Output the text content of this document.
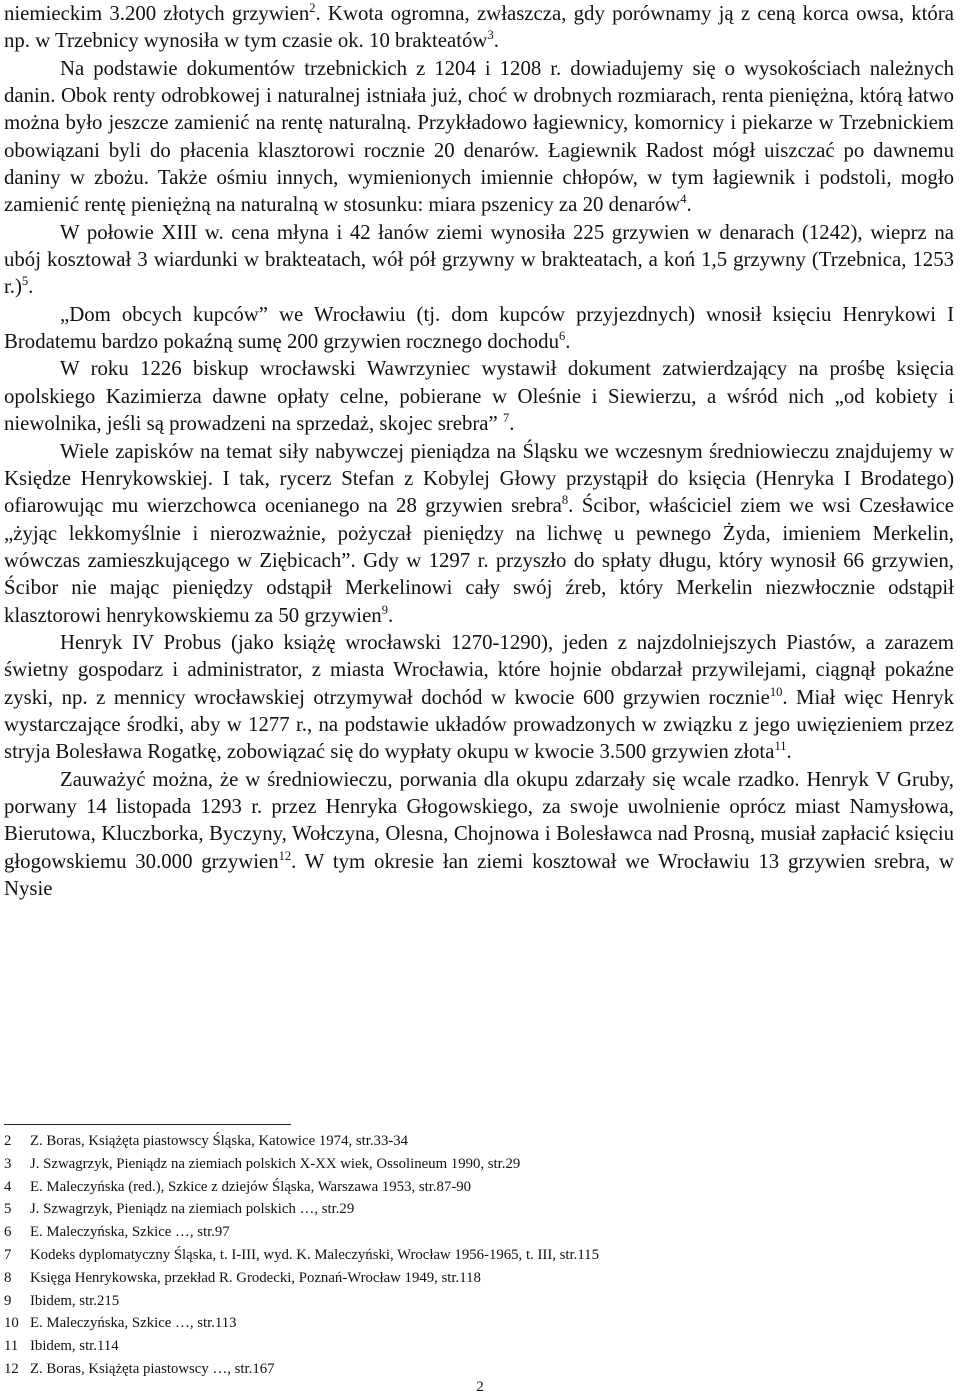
niemieckim 3.200 złotych grzywien$^2$. Kwota ogromna, zwłaszcza, gdy porównamy ją z ceną korca owsa, która np. w Trzebnicy wynosiła w tym czasie ok. 10 brakteatów$^3$.

Na podstawie dokumentów trzebnickich z 1204 i 1208 r. dowiadujemy się o wysokościach należnych danin. Obok renty odrobkowej i naturalnej istniała już, choć w drobnych rozmiarach, renta pieniężna, którą łatwo można było jeszcze zamienić na rentę naturalną. Przykładowo łagiewnicy, komornicy i piekarze w Trzebnickiem obowiązani byli do płacenia klasztorowi rocznie 20 denarów. Łagiewnik Radost mógł uiszczać po dawnemu daniny w zbożu. Także ośmiu innych, wymienionych imiennie chłopów, w tym łagiewnik i podstoli, mogło zamienić rentę pieniężną na naturalną w stosunku: miara pszenicy za 20 denarów$^4$.

W połowie XIII w. cena młyna i 42 łanów ziemi wynosiła 225 grzywien w denarach (1242), wieprz na ubój kosztował 3 wiardunki w brakteatach, wół pół grzywny w brakteatach, a koń 1,5 grzywny (Trzebnica, 1253 r.)$^5$.

„Dom obcych kupców” we Wrocławiu (tj. dom kupców przyjezdnych) wnosił księciu Henrykowi I Brodatemu bardzo pokaźną sumę 200 grzywien rocznego dochodu$^6$.

W roku 1226 biskup wrocławski Wawrzyniec wystawił dokument zatwierdzający na prośbę księcia opolskiego Kazimierza dawne opłaty celne, pobierane w Oleśnie i Siewierzu, a wśród nich „od kobiety i niewolnika, jeśli są prowadzeni na sprzedaż, skojec srebra” $^7$.

Wiele zapisków na temat siły nabywczej pieniądza na Śląsku we wczesnym średniowieczu znajdujemy w Księdze Henrykowskiej. I tak, rycerz Stefan z Kobylej Głowy przystąpił do księcia (Henryka I Brodatego) ofiarowując mu wierzchowca ocenianego na 28 grzywien srebra$^8$. Ścibor, właściciel ziem we wsi Czesławice „żyjąc lekkomyślnie i nierozważnie, pożyczał pieniędzy na lichwę u pewnego Żyda, imieniem Merkelin, wówczas zamieszkującego w Ziębicach”. Gdy w 1297 r. przyszło do spłaty długu, który wynosił 66 grzywien, Ścibor nie mając pieniędzy odstąpił Merkelinowi cały swój źreb, który Merkelin niezwłocznie odstąpił klasztorowi henrykowskiemu za 50 grzywien$^9$.

Henryk IV Probus (jako książę wrocławski 1270-1290), jeden z najzdolniejszych Piastów, a zarazem świetny gospodarz i administrator, z miasta Wrocławia, które hojnie obdarzał przywilejami, ciągnął pokaźne zyski, np. z mennicy wrocławskiej otrzymywał dochód w kwocie 600 grzywien rocznie$^{10}$. Miał więc Henryk wystarczające środki, aby w 1277 r., na podstawie układów prowadzonych w związku z jego uwięzieniem przez stryja Bolesława Rogatkę, zobowiązać się do wypłaty okupu w kwocie 3.500 grzywien złota$^{11}$.

Zauważyć można, że w średniowieczu, porwania dla okupu zdarzały się wcale rzadko. Henryk V Gruby, porwany 14 listopada 1293 r. przez Henryka Głogowskiego, za swoje uwolnienie oprócz miast Namysłowa, Bierutowa, Kluczborka, Byczyny, Wołczyna, Olesna, Chojnowa i Bolesławca nad Prosną, musiał zapłacić księciu głogowskiemu 30.000 grzywien$^{12}$. W tym okresie łan ziemi kosztował we Wrocławiu 13 grzywien srebra, w Nysie

2	Z. Boras, Książęta piastowscy Śląska, Katowice 1974, str.33-34
3	J. Szwagrzyk, Pieniądz na ziemiach polskich X-XX wiek, Ossolineum 1990, str.29
4	E. Maleczyńska (red.), Szkice z dziejów Śląska, Warszawa 1953, str.87-90
5	J. Szwagrzyk, Pieniądz na ziemiach polskich …, str.29
6	E. Maleczyńska, Szkice …, str.97
7	Kodeks dyplomatyczny Śląska, t. I-III, wyd. K. Maleczyński, Wrocław 1956-1965, t. III, str.115
8	Księga Henrykowska, przekład R. Grodecki, Poznań-Wrocław 1949, str.118
9	Ibidem, str.215
10 E. Maleczyńska, Szkice …, str.113
11 Ibidem, str.114
12 Z. Boras, Książęta piastowscy …, str.167
2
